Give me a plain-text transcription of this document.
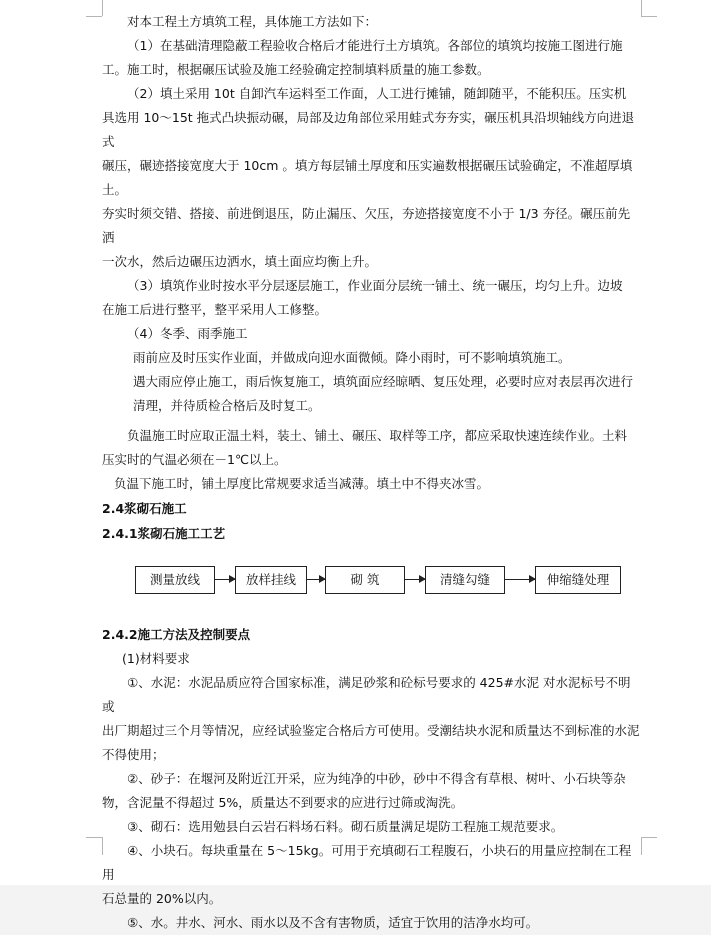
对本工程土方填筑工程，具体施工方法如下：

（1）在基础清理隐蔽工程验收合格后才能进行土方填筑。各部位的填筑均按施工图进行施

工。施工时，根据碾压试验及施工经验确定控制填料质量的施工参数。

（2）填土采用 10t 自卸汽车运料至工作面，人工进行摊铺，随卸随平，不能积压。压实机

具选用 10～15t 拖式凸块振动碾，局部及边角部位采用蛙式夯夯实，碾压机具沿坝轴线方向进退式

碾压，碾迹搭接宽度大于 10cm 。填方每层铺土厚度和压实遍数根据碾压试验确定，不准超厚填土。

夯实时须交错、搭接、前进倒退压，防止漏压、欠压，夯迹搭接宽度不小于 1/3 夯径。碾压前先洒

一次水，然后边碾压边洒水，填土面应均衡上升。

（3）填筑作业时按水平分层逐层施工，作业面分层统一铺土、统一碾压，均匀上升。边坡

在施工后进行整平，整平采用人工修整。

（4）冬季、雨季施工

雨前应及时压实作业面，并做成向迎水面微倾。降小雨时，可不影响填筑施工。

遇大雨应停止施工，雨后恢复施工，填筑面应经晾晒、复压处理，必要时应对表层再次进行

清理，并待质检合格后及时复工。

负温施工时应取正温土料，装土、铺土、碾压、取样等工序，都应采取快速连续作业。土料

压实时的气温必须在－1℃以上。

负温下施工时，铺土厚度比常规要求适当减薄。填土中不得夹冰雪。

2.4浆砌石施工

2.4.1浆砌石施工工艺

测量放线	放样挂线	砌 筑	清缝勾缝	伸缩缝处理

2.4.2施工方法及控制要点

(1)材料要求

①、水泥：水泥品质应符合国家标准，满足砂浆和砼标号要求的 425#水泥 对水泥标号不明或

出厂期超过三个月等情况，应经试验鉴定合格后方可使用。受潮结块水泥和质量达不到标准的水泥

不得使用；

②、砂子：在堰河及附近江开采，应为纯净的中砂，砂中不得含有草根、树叶、小石块等杂

物，含泥量不得超过 5%，质量达不到要求的应进行过筛或淘洗。

③、砌石：选用勉县白云岩石料场石料。砌石质量满足堤防工程施工规范要求。

④、小块石。每块重量在 5～15kg。可用于充填砌石工程腹石，小块石的用量应控制在工程用

石总量的 20%以内。

⑤、水。井水、河水、雨水以及不含有害物质，适宜于饮用的洁净水均可。
